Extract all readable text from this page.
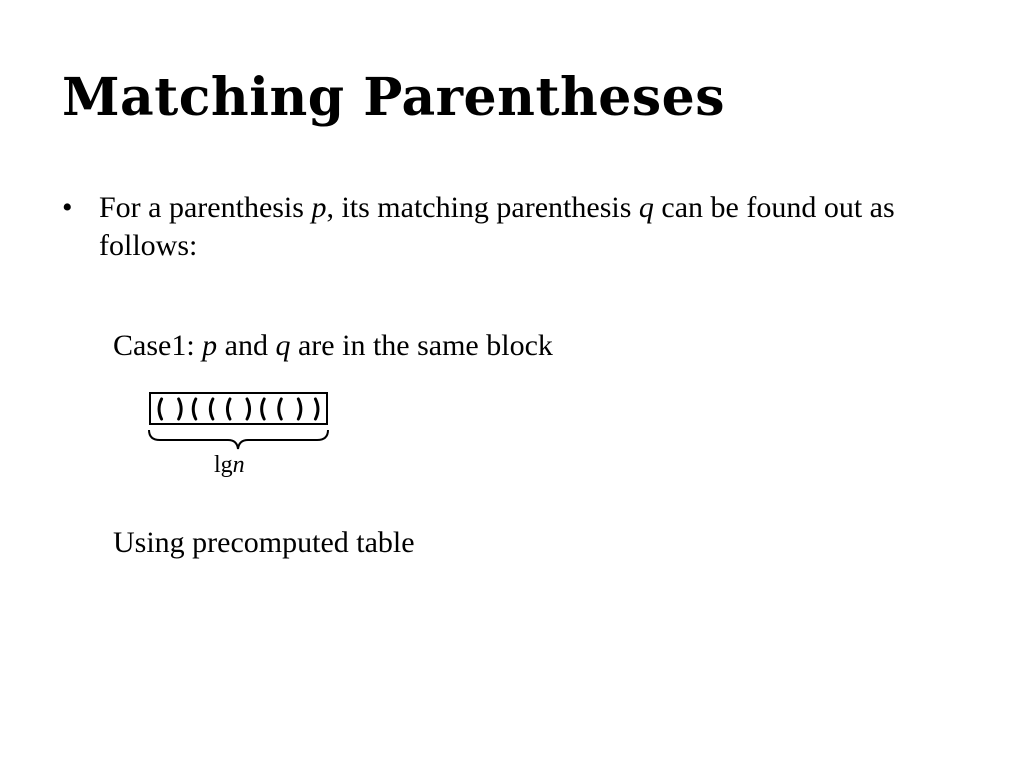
Matching Parentheses
• For a parenthesis p, its matching parenthesis q can be found out as follows:
Case1: p and q are in the same block
lgn
Using precomputed table
